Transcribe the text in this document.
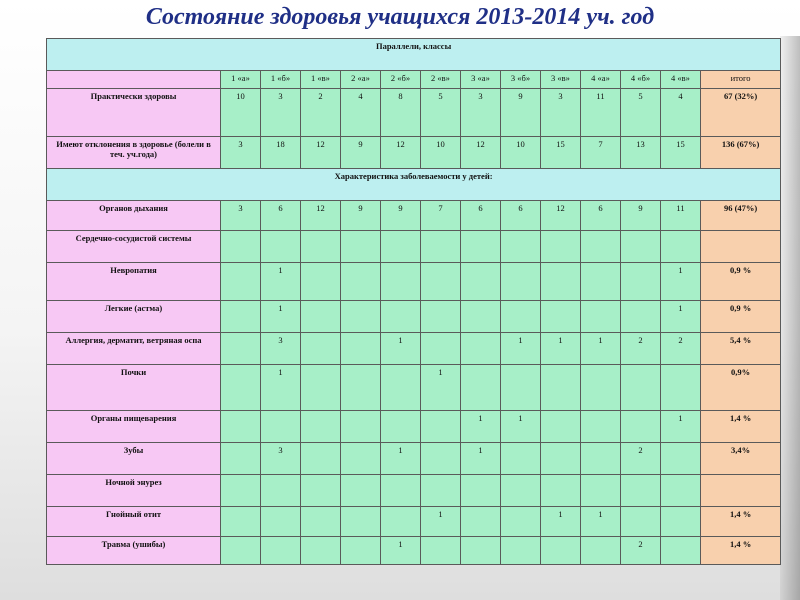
Состояние здоровья учащихся 2013-2014 уч. год
Параллели, классы													
	1 «а»	1 «б»	1 «в»	2 «а»	2 «б»	2 «в»	3 «а»	3 «б»	3 «в»	4 «а»	4 «б»	4 «в»	итого
Практически здоровы	10	3	2	4	8	5	3	9	3	11	5	4	67 (32%)
Имеют отклонения в здоровье (болели в теч. уч.года)	3	18	12	9	12	10	12	10	15	7	13	15	136 (67%)
Характеристика заболеваемости у детей:													
Органов дыхания	3	6	12	9	9	7	6	6	12	6	9	11	96 (47%)
Сердечно-сосудистой системы													
Невропатия		1										1	0,9 %
Легкие (астма)		1										1	0,9 %
Аллергия, дерматит, ветряная оспа		3			1			1	1	1	2	2	5,4 %
Почки		1				1							0,9%
Органы пищеварения							1	1				1	1,4 %
Зубы		3			1		1				2		3,4%
Ночной энурез													
Гнойный отит						1			1	1			1,4 %
Травма (ушибы)					1						2		1,4 %
